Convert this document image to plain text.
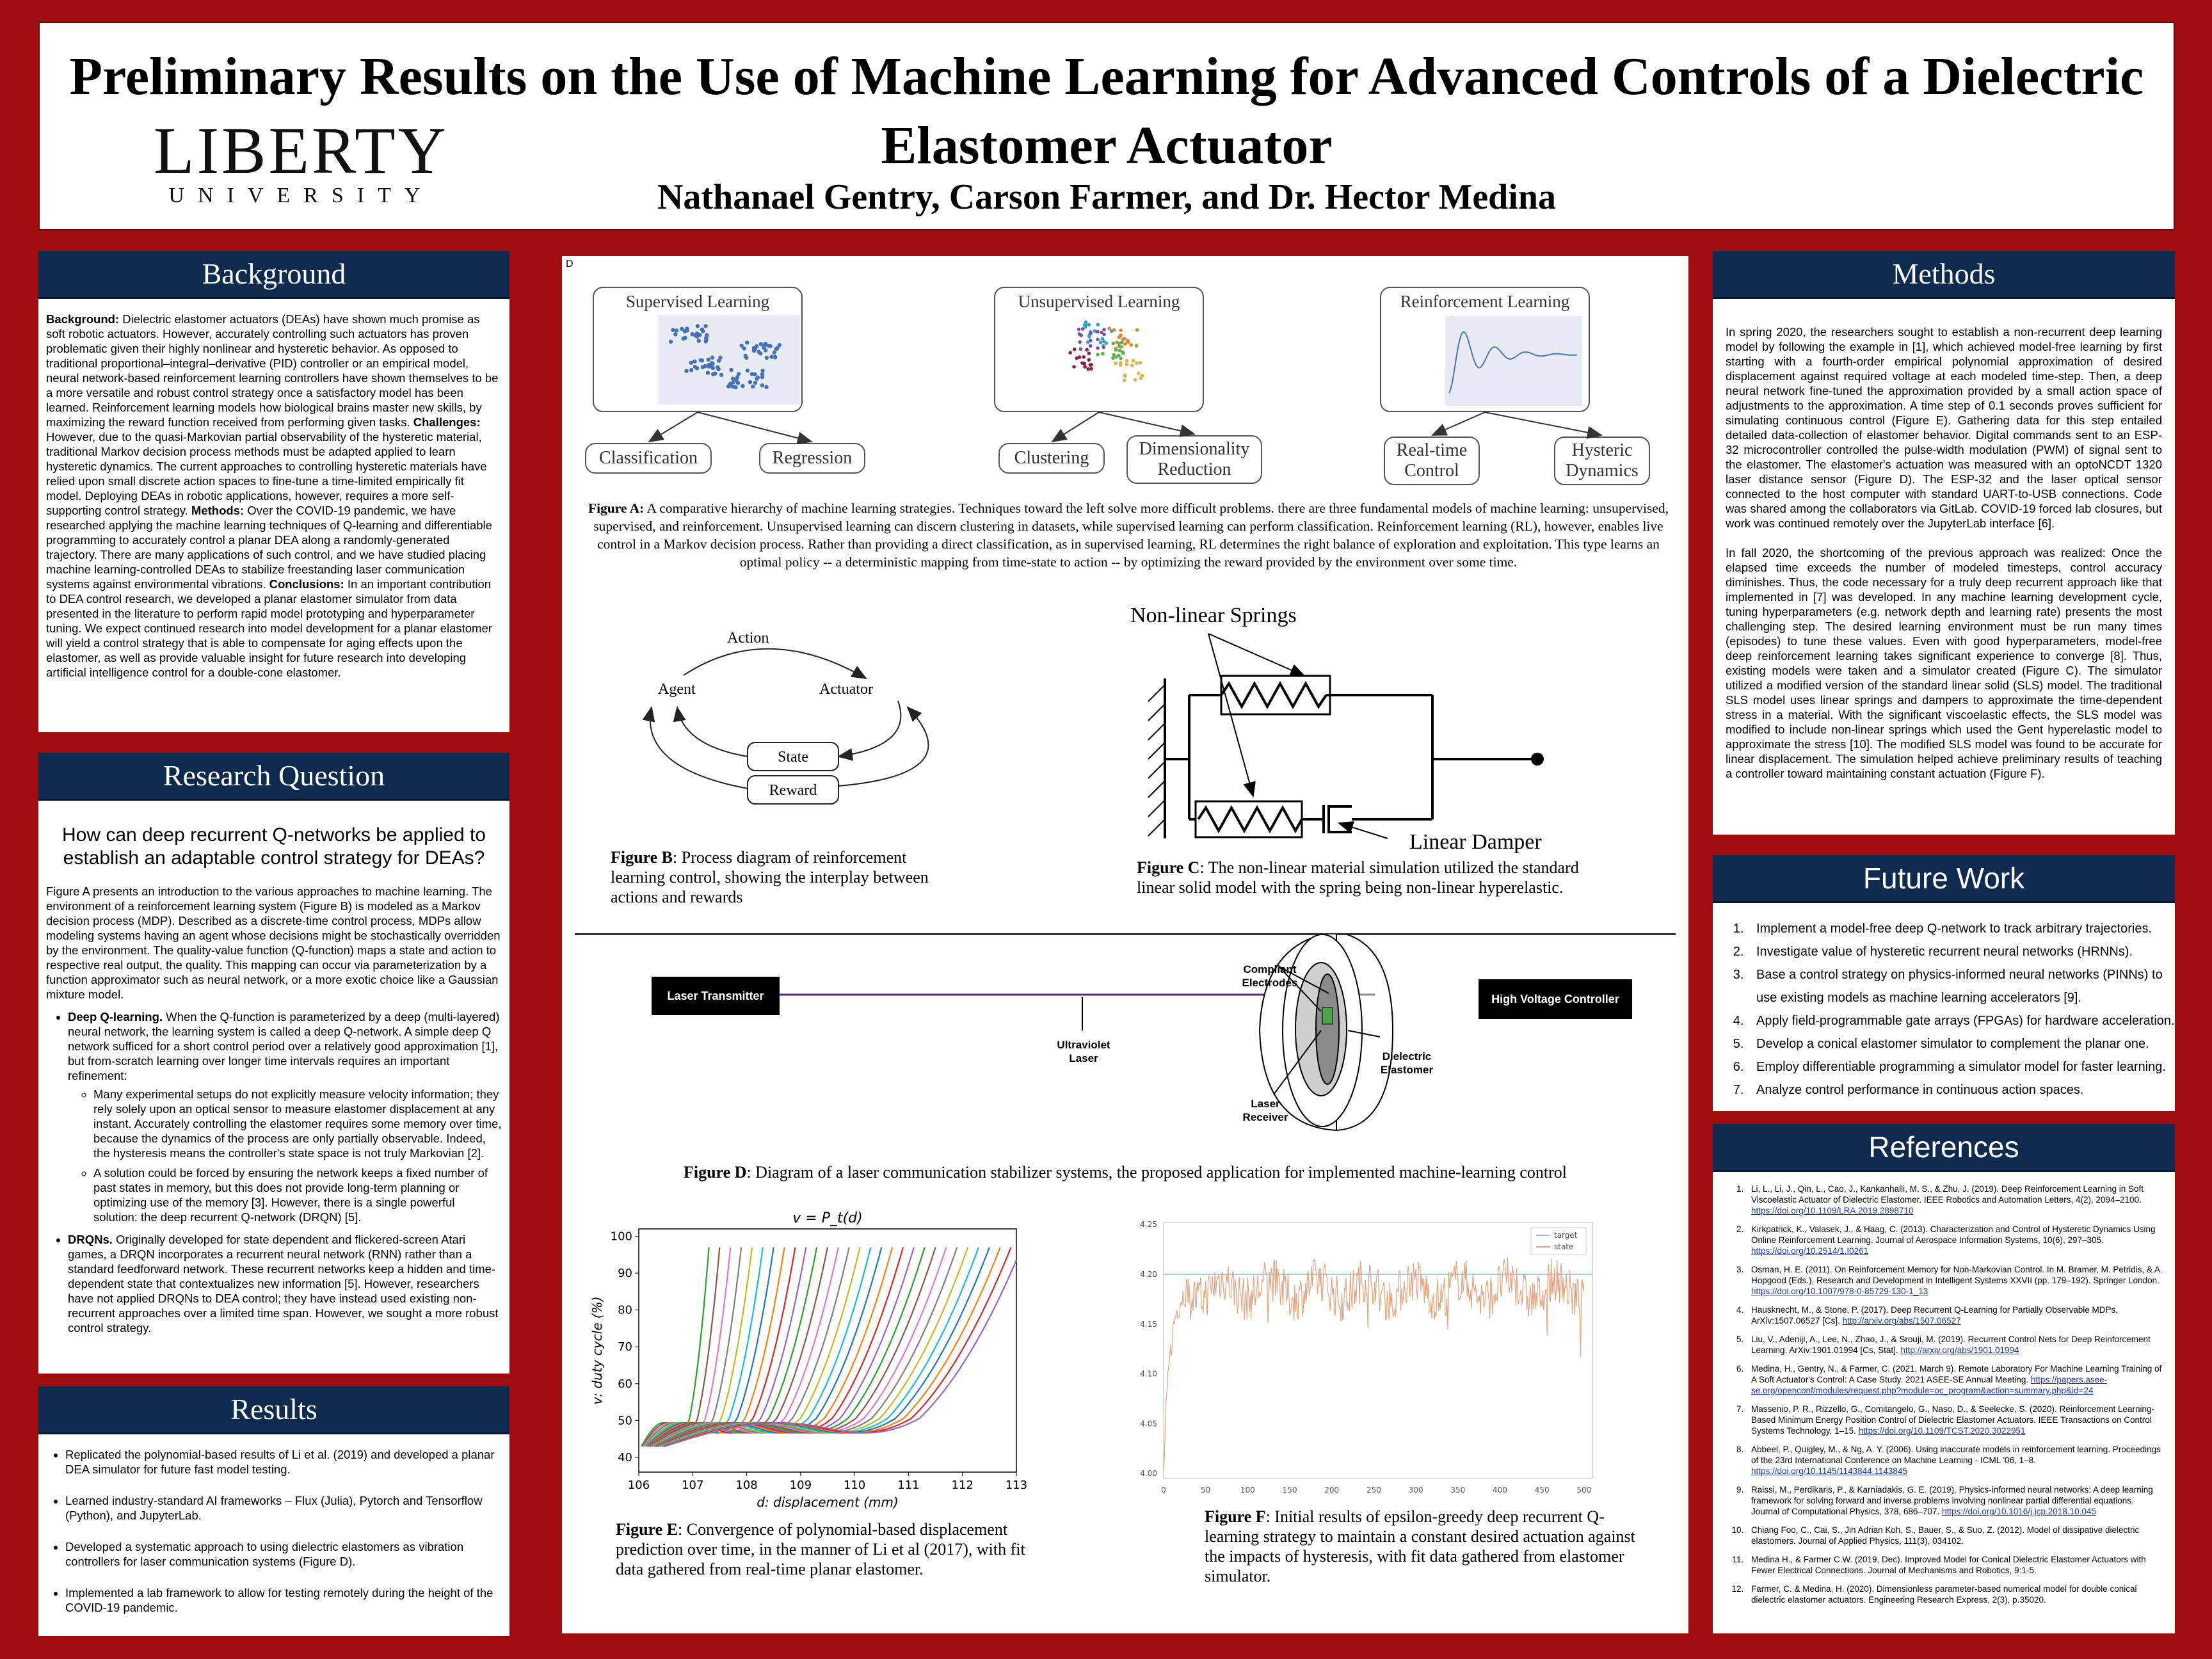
Preliminary Results on the Use of Machine Learning for Advanced Controls of a Dielectric Elastomer Actuator
LIBERTY
UNIVERSITY	Nathanael Gentry, Carson Farmer, and Dr. Hector Medina
Background
Background: Dielectric elastomer actuators (DEAs) have shown much promise as soft robotic actuators. However, accurately controlling such actuators has proven problematic given their highly nonlinear and hysteretic behavior. As opposed to traditional proportional–integral–derivative (PID) controller or an empirical model, neural network-based reinforcement learning controllers have shown themselves to be a more versatile and robust control strategy once a satisfactory model has been learned. Reinforcement learning models how biological brains master new skills, by maximizing the reward function received from performing given tasks. Challenges: However, due to the quasi-Markovian partial observability of the hysteretic material, traditional Markov decision process methods must be adapted applied to learn hysteretic dynamics. The current approaches to controlling hysteretic materials have relied upon small discrete action spaces to fine-tune a time-limited empirically fit model. Deploying DEAs in robotic applications, however, requires a more self-supporting control strategy. Methods: Over the COVID-19 pandemic, we have researched applying the machine learning techniques of Q-learning and differentiable programming to accurately control a planar DEA along a randomly-generated trajectory. There are many applications of such control, and we have studied placing machine learning-controlled DEAs to stabilize freestanding laser communication systems against environmental vibrations. Conclusions: In an important contribution to DEA control research, we developed a planar elastomer simulator from data presented in the literature to perform rapid model prototyping and hyperparameter tuning. We expect continued research into model development for a planar elastomer will yield a control strategy that is able to compensate for aging effects upon the elastomer, as well as provide valuable insight for future research into developing artificial intelligence control for a double-cone elastomer.
Research Question

How can deep recurrent Q-networks be applied to establish an adaptable control strategy for DEAs?

Figure A presents an introduction to the various approaches to machine learning. The environment of a reinforcement learning system (Figure B) is modeled as a Markov decision process (MDP). Described as a discrete-time control process, MDPs allow modeling systems having an agent whose decisions might be stochastically overridden by the environment. The quality-value function (Q-function) maps a state and action to respective real output, the quality. This mapping can occur via parameterization by a function approximator such as neural network, or a more exotic choice like a Gaussian mixture model.

• Deep Q-learning. When the Q-function is parameterized by a deep (multi-layered) neural network, the learning system is called a deep Q-network. A simple deep Q network sufficed for a short control period over a relatively good approximation [1], but from-scratch learning over longer time intervals requires an important refinement:
◦ Many experimental setups do not explicitly measure velocity information; they rely solely upon an optical sensor to measure elastomer displacement at any instant. Accurately controlling the elastomer requires some memory over time, because the dynamics of the process are only partially observable. Indeed, the hysteresis means the controller's state space is not truly Markovian [2].
◦ A solution could be forced by ensuring the network keeps a fixed number of past states in memory, but this does not provide long-term planning or optimizing use of the memory [3]. However, there is a single powerful solution: the deep recurrent Q-network (DRQN) [5].
• DRQNs. Originally developed for state dependent and flickered-screen Atari games, a DRQN incorporates a recurrent neural network (RNN) rather than a standard feedforward network. These recurrent networks keep a hidden and time-dependent state that contextualizes new information [5]. However, researchers have not applied DRQNs to DEA control; they have instead used existing non-recurrent approaches over a limited time span. However, we sought a more robust control strategy.
Results
• Replicated the polynomial-based results of Li et al. (2019) and developed a planar DEA simulator for future fast model testing.
• Learned industry-standard AI frameworks – Flux (Julia), Pytorch and Tensorflow (Python), and JupyterLab.
• Developed a systematic approach to using dielectric elastomers as vibration controllers for laser communication systems (Figure D).
• Implemented a lab framework to allow for testing remotely during the height of the COVID-19 pandemic.
D
Supervised Learning	Unsupervised Learning	Reinforcement Learning
Classification	Regression	Clustering	Dimensionality Reduction
Real-time Control
Hysteric Dynamics
Figure A: A comparative hierarchy of machine learning strategies. Techniques toward the left solve more difficult problems. there are three fundamental models of machine learning: unsupervised, supervised, and reinforcement. Unsupervised learning can discern clustering in datasets, while supervised learning can perform classification. Reinforcement learning (RL), however, enables live control in a Markov decision process. Rather than providing a direct classification, as in supervised learning, RL determines the right balance of exploration and exploitation. This type learns an optimal policy -- a deterministic mapping from time-state to action -- by optimizing the reward provided by the environment over some time.
Action
Agent	Actuator
State
Reward
Figure B: Process diagram of reinforcement learning control, showing the interplay between actions and rewards
Non-linear Springs
Linear Damper
Figure C: The non-linear material simulation utilized the standard linear solid model with the spring being non-linear hyperelastic.
Laser Transmitter	High Voltage Controller
Ultraviolet Laser
Laser Receiver
Compliant Electrodes
Dielectric Elastomer
Figure D: Diagram of a laser communication stabilizer systems, the proposed application for implemented machine-learning control
106	107	108	109	110	111	112	113
40
50
60
70
80
90
100
d: displacement (mm)
v: duty cycle (%)
v = P_t(d)
Figure E: Convergence of polynomial-based displacement prediction over time, in the manner of Li et al (2017), with fit data gathered from real-time planar elastomer.
0	50	100	150	200	250	300	350	400	450	500
4.00
4.05
4.10
4.15
4.20
4.25
target
state
Figure F: Initial results of epsilon-greedy deep recurrent Q-learning strategy to maintain a constant desired actuation against the impacts of hysteresis, with fit data gathered from elastomer simulator.
Methods

In spring 2020, the researchers sought to establish a non-recurrent deep learning model by following the example in [1], which achieved model-free learning by first starting with a fourth-order empirical polynomial approximation of desired displacement against required voltage at each modeled time-step. Then, a deep neural network fine-tuned the approximation provided by a small action space of adjustments to the approximation. A time step of 0.1 seconds proves sufficient for simulating continuous control (Figure E). Gathering data for this step entailed detailed data-collection of elastomer behavior. Digital commands sent to an ESP-32 microcontroller controlled the pulse-width modulation (PWM) of signal sent to the elastomer. The elastomer's actuation was measured with an optoNCDT 1320 laser distance sensor (Figure D). The ESP-32 and the laser optical sensor connected to the host computer with standard UART-to-USB connections. Code was shared among the collaborators via GitLab. COVID-19 forced lab closures, but work was continued remotely over the JupyterLab interface [6].

In fall 2020, the shortcoming of the previous approach was realized: Once the elapsed time exceeds the number of modeled timesteps, control accuracy diminishes. Thus, the code necessary for a truly deep recurrent approach like that implemented in [7] was developed. In any machine learning development cycle, tuning hyperparameters (e.g. network depth and learning rate) presents the most challenging step. The desired learning environment must be run many times (episodes) to tune these values. Even with good hyperparameters, model-free deep reinforcement learning takes significant experience to converge [8]. Thus, existing models were taken and a simulator created (Figure C). The simulator utilized a modified version of the standard linear solid (SLS) model. The traditional SLS model uses linear springs and dampers to approximate the time-dependent stress in a material. With the significant viscoelastic effects, the SLS model was modified to include non-linear springs which used the Gent hyperelastic model to approximate the stress [10]. The modified SLS model was found to be accurate for linear displacement. The simulation helped achieve preliminary results of teaching a controller toward maintaining constant actuation (Figure F).

Future Work
1. Implement a model-free deep Q-network to track arbitrary trajectories.
2. Investigate value of hysteretic recurrent neural networks (HRNNs).
3. Base a control strategy on physics-informed neural networks (PINNs) to use existing models as machine learning accelerators [9].
4. Apply field-programmable gate arrays (FPGAs) for hardware acceleration.
5. Develop a conical elastomer simulator to complement the planar one.
6. Employ differentiable programming a simulator model for faster learning.
7. Analyze control performance in continuous action spaces.
References
1. Li, L., Li, J., Qin, L., Cao, J., Kankanhalli, M. S., & Zhu, J. (2019). Deep Reinforcement Learning in Soft Viscoelastic Actuator of Dielectric Elastomer. IEEE Robotics and Automation Letters, 4(2), 2094–2100. https://doi.org/10.1109/LRA.2019.2898710
2. Kirkpatrick, K., Valasek, J., & Haag, C. (2013). Characterization and Control of Hysteretic Dynamics Using Online Reinforcement Learning. Journal of Aerospace Information Systems, 10(6), 297–305. https://doi.org/10.2514/1.I0261
3. Osman, H. E. (2011). On Reinforcement Memory for Non-Markovian Control. In M. Bramer, M. Petridis, & A. Hopgood (Eds.), Research and Development in Intelligent Systems XXVII (pp. 179–192). Springer London. https://doi.org/10.1007/978-0-85729-130-1_13
4. Hausknecht, M., & Stone, P. (2017). Deep Recurrent Q-Learning for Partially Observable MDPs. ArXiv:1507.06527 [Cs]. http://arxiv.org/abs/1507.06527
5. Liu, V., Adeniji, A., Lee, N., Zhao, J., & Srouji, M. (2019). Recurrent Control Nets for Deep Reinforcement Learning. ArXiv:1901.01994 [Cs, Stat]. http://arxiv.org/abs/1901.01994
6. Medina, H., Gentry, N., & Farmer, C. (2021, March 9). Remote Laboratory For Machine Learning Training of A Soft Actuator's Control: A Case Study. 2021 ASEE-SE Annual Meeting. https://papers.asee-se.org/openconf/modules/request.php?module=oc_program&action=summary.php&id=24
7. Massenio, P. R., Rizzello, G., Comitangelo, G., Naso, D., & Seelecke, S. (2020). Reinforcement Learning-Based Minimum Energy Position Control of Dielectric Elastomer Actuators. IEEE Transactions on Control Systems Technology, 1–15. https://doi.org/10.1109/TCST.2020.3022951
8. Abbeel, P., Quigley, M., & Ng, A. Y. (2006). Using inaccurate models in reinforcement learning. Proceedings of the 23rd International Conference on Machine Learning - ICML '06, 1–8. https://doi.org/10.1145/1143844.1143845
9. Raissi, M., Perdikaris, P., & Karniadakis, G. E. (2019). Physics-informed neural networks: A deep learning framework for solving forward and inverse problems involving nonlinear partial differential equations. Journal of Computational Physics, 378, 686–707. https://doi.org/10.1016/j.jcp.2018.10.045
10. Chiang Foo, C., Cai, S., Jin Adrian Koh, S., Bauer, S., & Suo, Z. (2012). Model of dissipative dielectric elastomers. Journal of Applied Physics, 111(3), 034102.
11. Medina H., & Farmer C.W. (2019, Dec). Improved Model for Conical Dielectric Elastomer Actuators with Fewer Electrical Connections. Journal of Mechanisms and Robotics, 9:1-5.
12. Farmer, C. & Medina, H. (2020). Dimensionless parameter-based numerical model for double conical dielectric elastomer actuators. Engineering Research Express, 2(3), p.35020.
